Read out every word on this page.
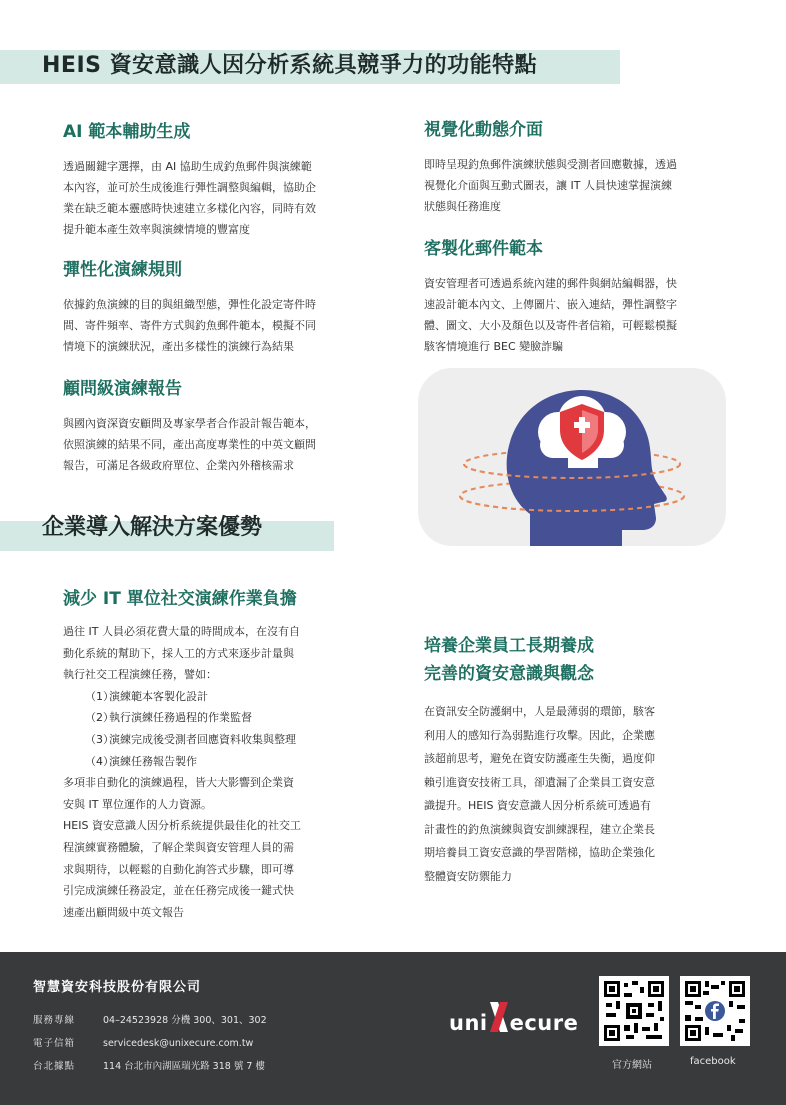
HEIS 資安意識人因分析系統具競爭力的功能特點
AI 範本輔助生成

透過關鍵字選擇，由 AI 協助生成釣魚郵件與演練範
本內容，並可於生成後進行彈性調整與編輯，協助企
業在缺乏範本靈感時快速建立多樣化內容，同時有效
提升範本產生效率與演練情境的豐富度

彈性化演練規則

依據釣魚演練的目的與組織型態，彈性化設定寄件時
間、寄件頻率、寄件方式與釣魚郵件範本，模擬不同
情境下的演練狀況，產出多樣性的演練行為結果

顧問級演練報告

與國內資深資安顧問及專家學者合作設計報告範本，
依照演練的結果不同，產出高度專業性的中英文顧問
報告，可滿足各級政府單位、企業內外稽核需求

視覺化動態介面

即時呈現釣魚郵件演練狀態與受測者回應數據，透過
視覺化介面與互動式圖表，讓 IT 人員快速掌握演練
狀態與任務進度

客製化郵件範本

資安管理者可透過系統內建的郵件與網站編輯器，快
速設計範本內文、上傳圖片、嵌入連結，彈性調整字
體、圖文、大小及顏色以及寄件者信箱，可輕鬆模擬
駭客情境進行 BEC 變臉詐騙

企業導入解決方案優勢
減少 IT 單位社交演練作業負擔
過往 IT 人員必須花費大量的時間成本，在沒有自
動化系統的幫助下，採人工的方式來逐步計量與
執行社交工程演練任務，譬如：
（1）演練範本客製化設計
（2）執行演練任務過程的作業監督
（3）演練完成後受測者回應資料收集與整理
（4）演練任務報告製作
多項非自動化的演練過程，皆大大影響到企業資
安與 IT 單位運作的人力資源。
HEIS 資安意識人因分析系統提供最佳化的社交工
程演練實務體驗，了解企業與資安管理人員的需
求與期待，以輕鬆的自動化詢答式步驟，即可導
引完成演練任務設定，並在任務完成後一鍵式快
速產出顧問級中英文報告
培養企業員工長期養成
完善的資安意識與觀念
在資訊安全防護網中，人是最薄弱的環節，駭客
利用人的感知行為弱點進行攻擊。因此，企業應
該超前思考，避免在資安防護產生失衡，過度仰
賴引進資安技術工具，卻遺漏了企業員工資安意
識提升。HEIS 資安意識人因分析系統可透過有
計畫性的釣魚演練與資安訓練課程，建立企業長
期培養員工資安意識的學習階梯，協助企業強化
整體資安防禦能力
智慧資安科技股份有限公司
服務專線	04–24523928 分機 300、301、302
電子信箱	servicedesk@unixecure.com.tw
台北據點	114 台北市內湖區瑞光路 318 號 7 樓
uni ecure
官方網站	facebook
